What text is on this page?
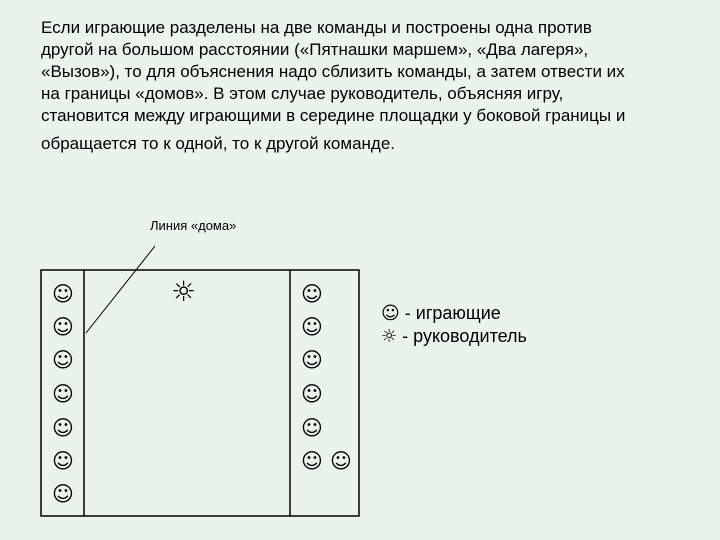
Если играющие разделены на две команды и построены одна против
другой на большом расстоянии («Пятнашки маршем», «Два лагеря»,
«Вызов»), то для объяснения надо сблизить команды, а затем отвести их
на границы «домов». В этом случае руководитель, объясняя игру,
становится между играющими в середине площадки у боковой границы и
обращается то к одной, то к другой команде.
Линия «дома»
☺
☺
☺
☺
☺
☺
☺
☼	☺
☺
☺
☺
☺
☺ ☺
☺ - играющие
☼ - руководитель
